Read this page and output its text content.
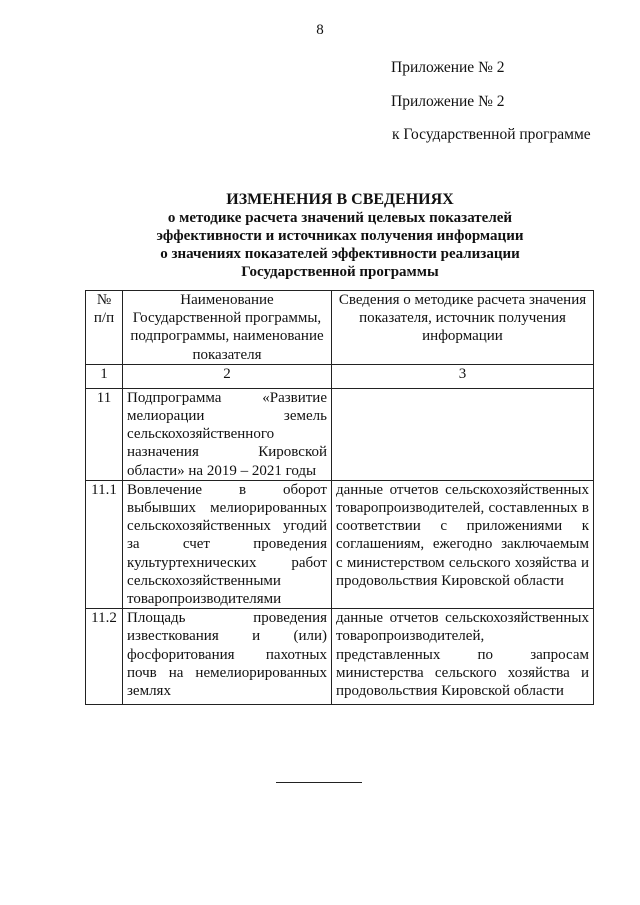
8
Приложение № 2
Приложение № 2
к Государственной программе
ИЗМЕНЕНИЯ В СВЕДЕНИЯХ
о методике расчета значений целевых показателей
эффективности и источниках получения информации
о значениях показателей эффективности реализации
Государственной программы
№ п/п	Наименование Государственной программы, подпрограммы, наименование показателя	Сведения о методике расчета значения показателя, источник получения информации
1	2	3
11	Подпрограмма «Развитие мелиорации земель сельскохозяйственного назначения Кировской области» на 2019 – 2021 годы	
11.1	Вовлечение в оборот выбывших мелиорированных сельскохозяйственных угодий за счет проведения культуртехнических работ сельскохозяйственными товаропроизводителями	данные отчетов сельскохозяйственных товаропроизводителей, составленных в соответствии с приложениями к соглашениям, ежегодно заключаемым с министерством сельского хозяйства и продовольствия Кировской области
11.2	Площадь проведения известкования и (или) фосфоритования пахотных почв на немелиорированных землях	данные отчетов сельскохозяйственных товаропроизводителей, представленных по запросам министерства сельского хозяйства и продовольствия Кировской области
